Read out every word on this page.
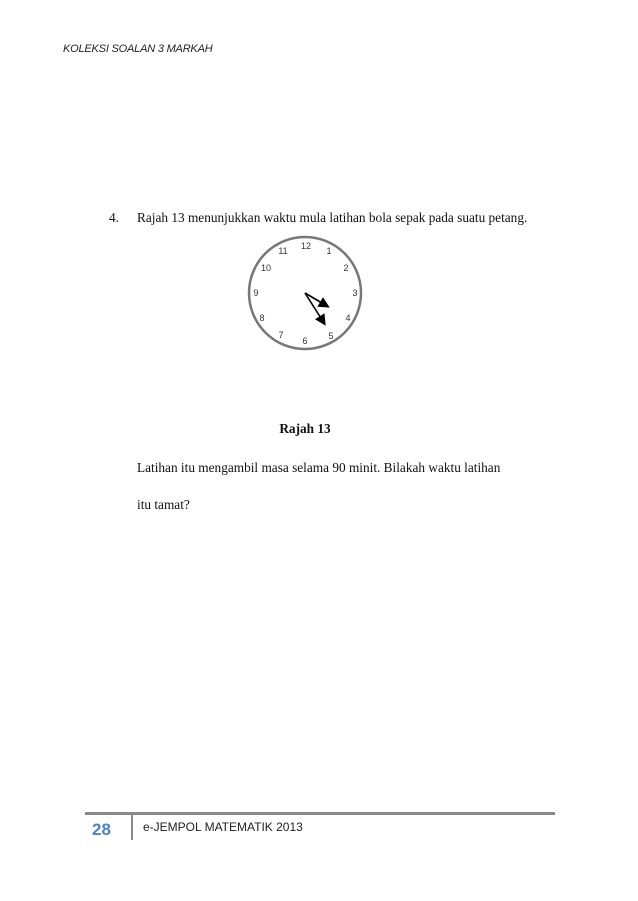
KOLEKSI SOALAN 3 MARKAH
4. Rajah 13 menunjukkan waktu mula latihan bola sepak pada suatu petang.
12 1
2
3
4
5
6
7
8
9
10
11
Rajah 13
Latihan itu mengambil masa selama 90 minit. Bilakah waktu latihan
itu tamat?
28	e-JEMPOL MATEMATIK 2013
